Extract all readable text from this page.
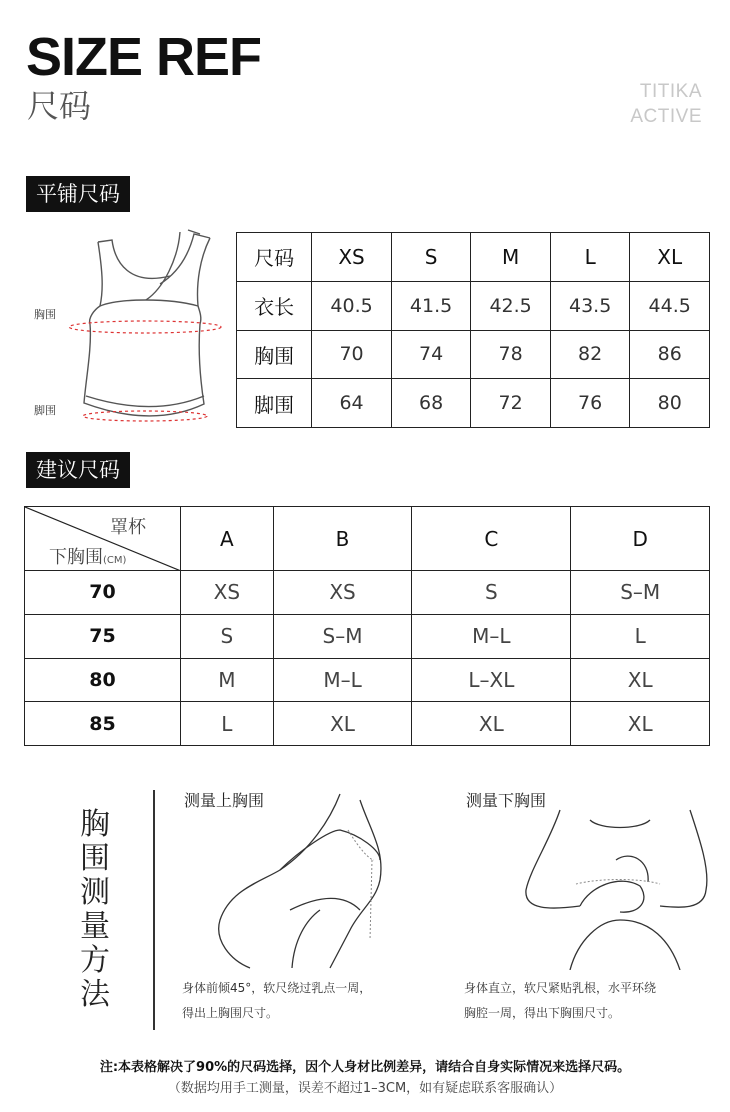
SIZE REF
尺码	TITIKA
ACTIVE
平铺尺码
胸围
脚围
尺码	XS	S	M	L	XL
衣长	40.5	41.5	42.5	43.5	44.5
胸围	70	74	78	82	86
脚围	64	68	72	76	80
建议尺码
罩杯
下胸围(CM)	A	B	C	D
70	XS	XS	S	S–M
75	S	S–M	M–L	L
80	M	M–L	L–XL	XL
85	L	XL	XL	XL
胸
围
测
量
方
法
测量上胸围
身体前倾45°，软尺绕过乳点一周，
得出上胸围尺寸。
测量下胸围
身体直立，软尺紧贴乳根，水平环绕
胸腔一周，得出下胸围尺寸。
注:本表格解决了90%的尺码选择，因个人身材比例差异，请结合自身实际情况来选择尺码。
（数据均用手工测量，误差不超过1–3CM，如有疑虑联系客服确认）
